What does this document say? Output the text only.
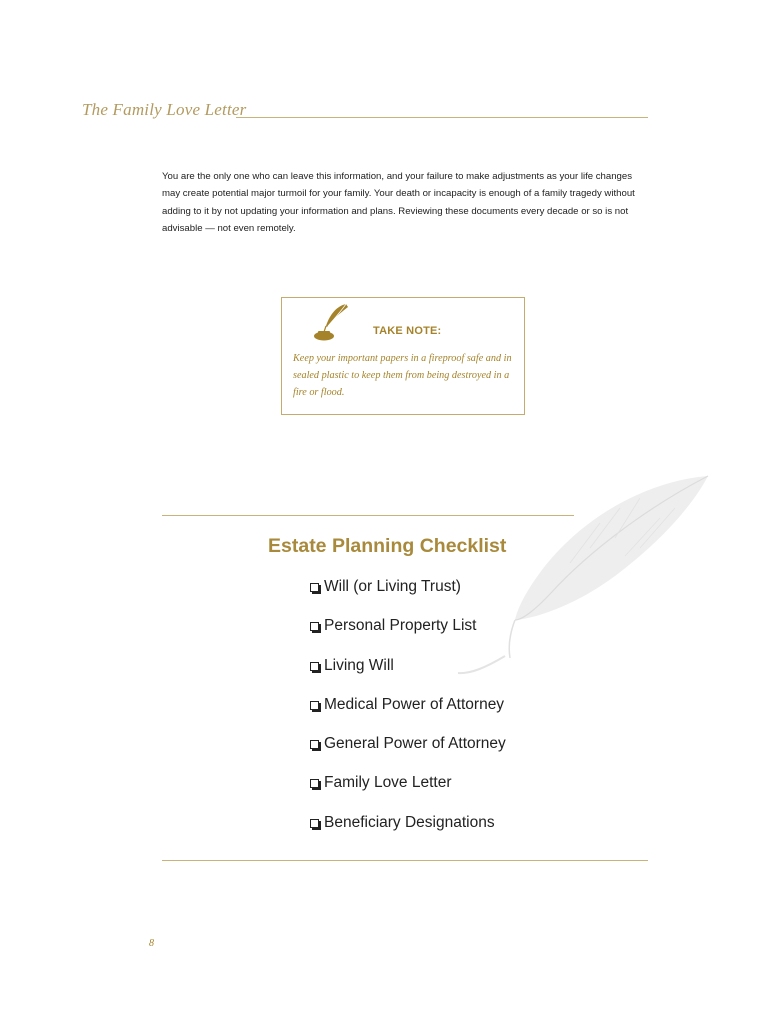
The Family Love Letter

You are the only one who can leave this information, and your failure to make adjustments as your life changes may create potential major turmoil for your family. Your death or incapacity is enough of a family tragedy without adding to it by not updating your information and plans. Reviewing these documents every decade or so is not advisable — not even remotely.

TAKE NOTE:
Keep your important papers in a fireproof safe and in sealed plastic to keep them from being destroyed in a fire or flood.
Estate Planning Checklist
Will (or Living Trust)
Personal Property List
Living Will
Medical Power of Attorney
General Power of Attorney
Family Love Letter
Beneficiary Designations
8
